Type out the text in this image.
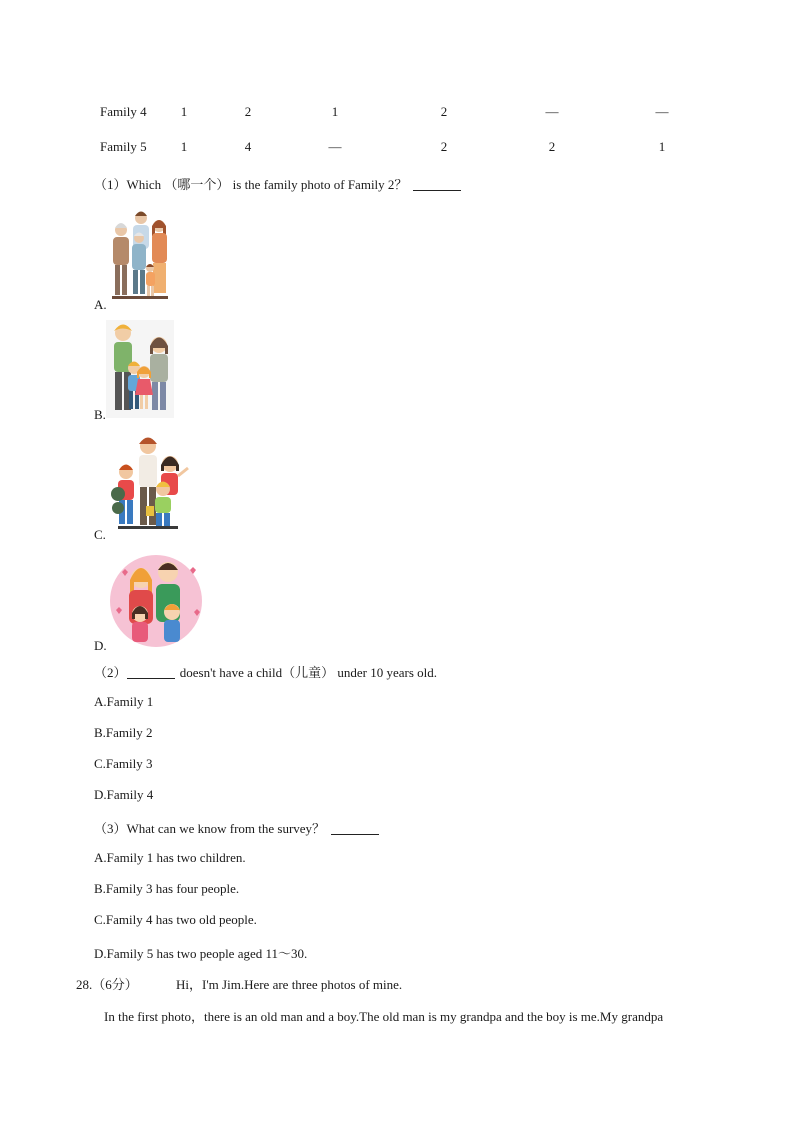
Family 4	1	2	1	2	—	—
Family 5	1	4	—	2	2	1
（1）Which （哪一个） is the family photo of Family 2？
A.
B.
C.
D.
（2）	doesn't have a child（儿童） under 10 years old.
A.Family 1
B.Family 2
C.Family 3
D.Family 4
（3）What can we know from the survey？
A.Family 1 has two children.
B.Family 3 has four people.
C.Family 4 has two old people.
D.Family 5 has two people aged 11～30.
28.（6分）	Hi，I'm Jim.Here are three photos of mine.
In the first photo，there is an old man and a boy.The old man is my grandpa and the boy is me.My grandpa
